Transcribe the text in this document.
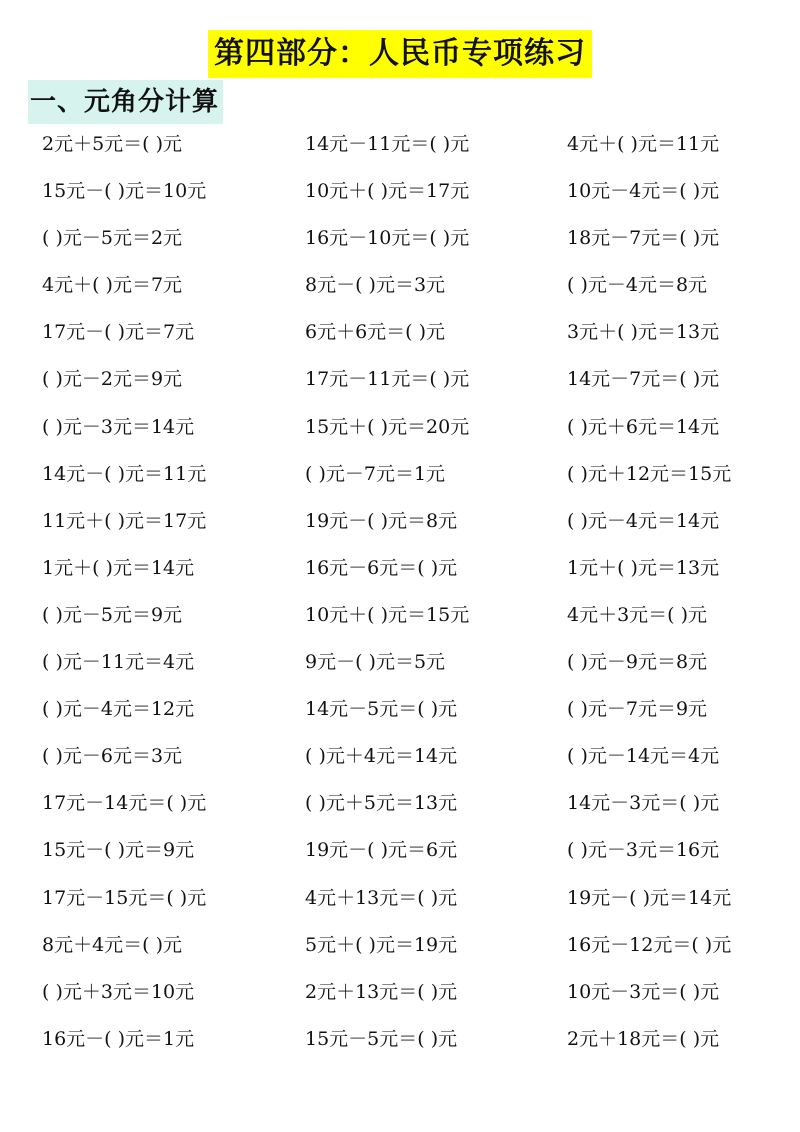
第四部分：人民币专项练习
一、元角分计算
2元＋5元＝( )元	14元－11元＝( )元	4元＋( )元＝11元
15元－( )元＝10元	10元＋( )元＝17元	10元－4元＝( )元
( )元－5元＝2元	16元－10元＝( )元	18元－7元＝( )元
4元＋( )元＝7元	8元－( )元＝3元	( )元－4元＝8元
17元－( )元＝7元	6元＋6元＝( )元	3元＋( )元＝13元
( )元－2元＝9元	17元－11元＝( )元	14元－7元＝( )元
( )元－3元＝14元	15元＋( )元＝20元	( )元＋6元＝14元
14元－( )元＝11元	( )元－7元＝1元	( )元＋12元＝15元
11元＋( )元＝17元	19元－( )元＝8元	( )元－4元＝14元
1元＋( )元＝14元	16元－6元＝( )元	1元＋( )元＝13元
( )元－5元＝9元	10元＋( )元＝15元	4元＋3元＝( )元
( )元－11元＝4元	9元－( )元＝5元	( )元－9元＝8元
( )元－4元＝12元	14元－5元＝( )元	( )元－7元＝9元
( )元－6元＝3元	( )元＋4元＝14元	( )元－14元＝4元
17元－14元＝( )元	( )元＋5元＝13元	14元－3元＝( )元
15元－( )元＝9元	19元－( )元＝6元	( )元－3元＝16元
17元－15元＝( )元	4元＋13元＝( )元	19元－( )元＝14元
8元＋4元＝( )元	5元＋( )元＝19元	16元－12元＝( )元
( )元＋3元＝10元	2元＋13元＝( )元	10元－3元＝( )元
16元－( )元＝1元	15元－5元＝( )元	2元＋18元＝( )元
